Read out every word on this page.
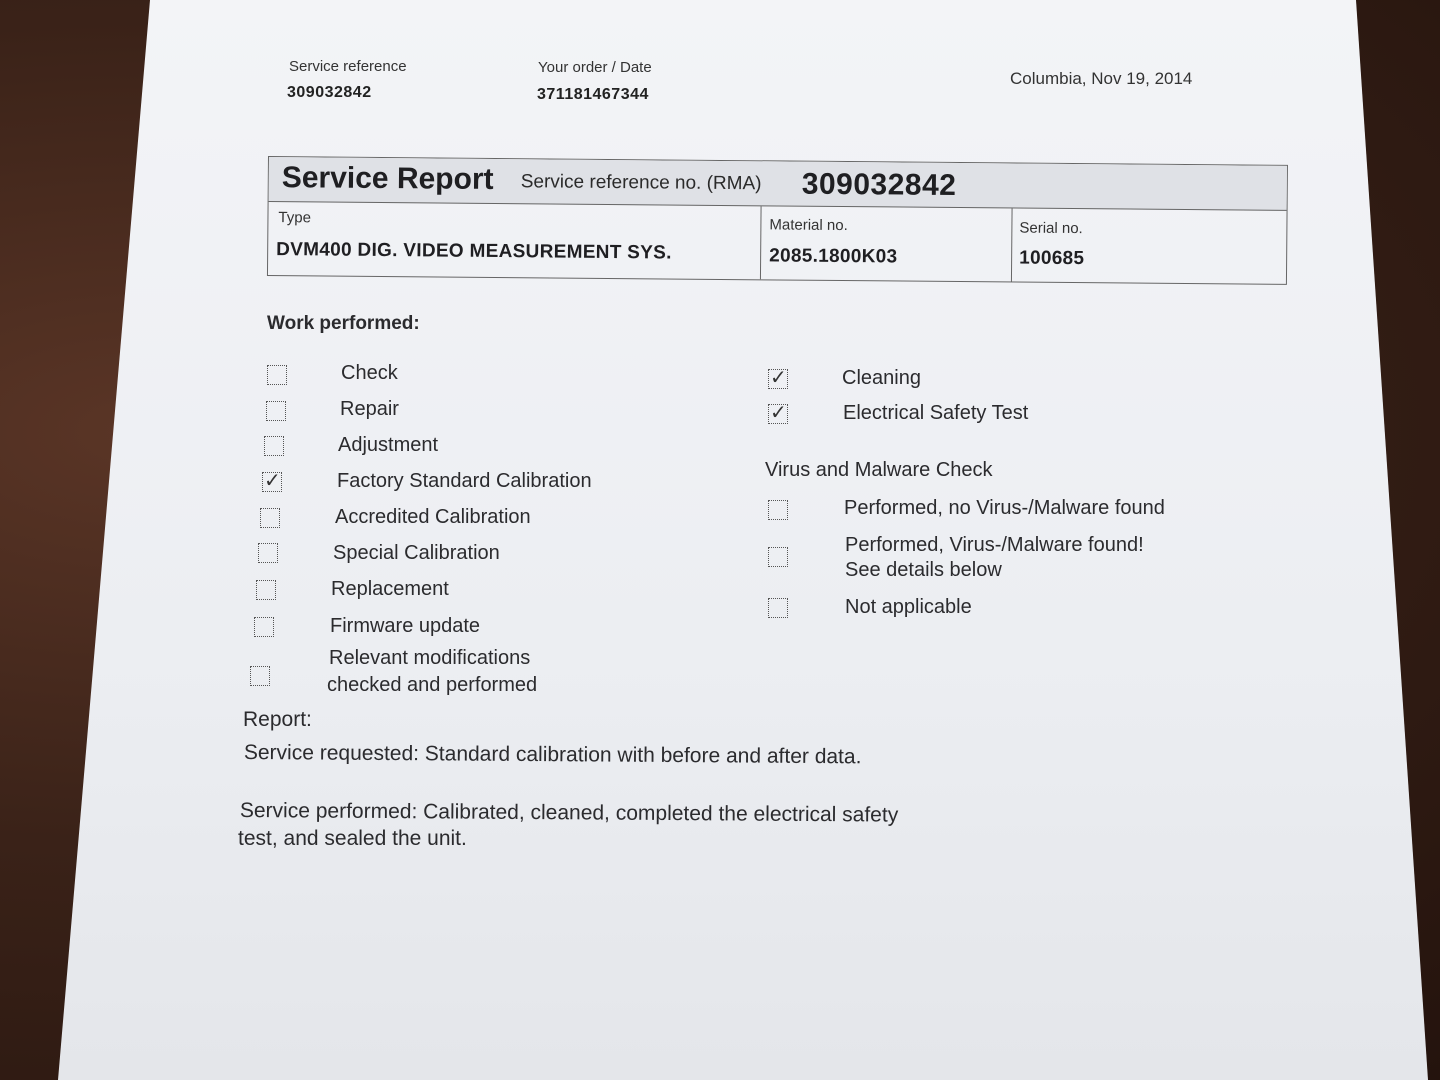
Service reference
309032842
Your order / Date
371181467344
Columbia, Nov 19, 2014
Service Report Service reference no. (RMA) 309032842
Type
DVM400 DIG. VIDEO MEASUREMENT SYS.
Material no.
2085.1800K03
Serial no.
100685
Work performed:
Check
Repair
Adjustment
✓
Factory Standard Calibration
Accredited Calibration
Special Calibration
Replacement
Firmware update
Relevant modifications
checked and performed
✓
Cleaning
✓
Electrical Safety Test
Virus and Malware Check
Performed, no Virus-/Malware found
Performed, Virus-/Malware found!
See details below
Not applicable
Report:
Service requested: Standard calibration with before and after data.
Service performed: Calibrated, cleaned, completed the electrical safety
test, and sealed the unit.
